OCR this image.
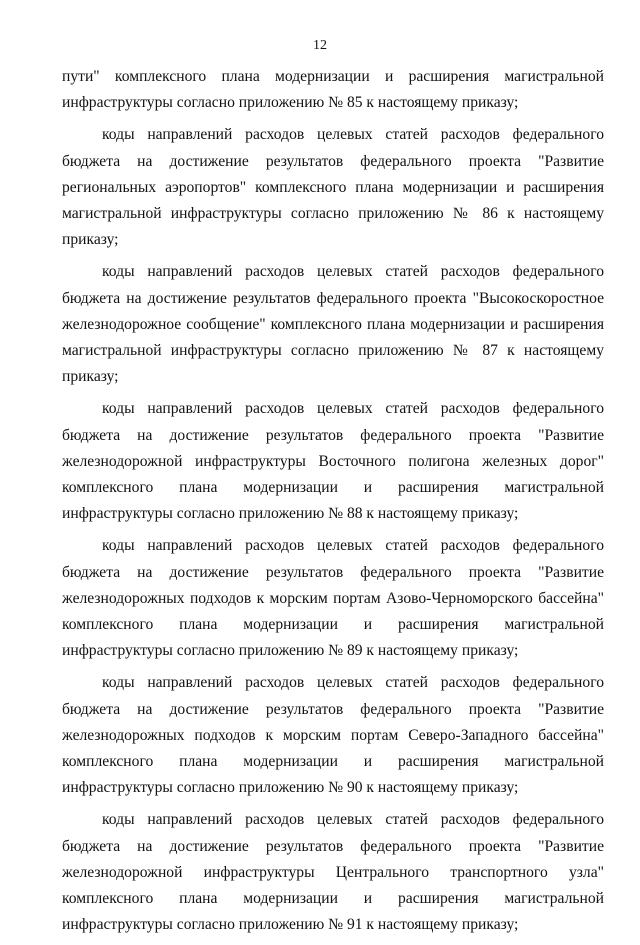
12

пути" комплексного плана модернизации и расширения магистральной инфраструктуры согласно приложению № 85 к настоящему приказу;

коды направлений расходов целевых статей расходов федерального бюджета на достижение результатов федерального проекта "Развитие региональных аэропортов" комплексного плана модернизации и расширения магистральной инфраструктуры согласно приложению № 86 к настоящему приказу;

коды направлений расходов целевых статей расходов федерального бюджета на достижение результатов федерального проекта "Высокоскоростное железнодорожное сообщение" комплексного плана модернизации и расширения магистральной инфраструктуры согласно приложению № 87 к настоящему приказу;

коды направлений расходов целевых статей расходов федерального бюджета на достижение результатов федерального проекта "Развитие железнодорожной инфраструктуры Восточного полигона железных дорог" комплексного плана модернизации и расширения магистральной инфраструктуры согласно приложению № 88 к настоящему приказу;

коды направлений расходов целевых статей расходов федерального бюджета на достижение результатов федерального проекта "Развитие железнодорожных подходов к морским портам Азово-Черноморского бассейна" комплексного плана модернизации и расширения магистральной инфраструктуры согласно приложению № 89 к настоящему приказу;

коды направлений расходов целевых статей расходов федерального бюджета на достижение результатов федерального проекта "Развитие железнодорожных подходов к морским портам Северо-Западного бассейна" комплексного плана модернизации и расширения магистральной инфраструктуры согласно приложению № 90 к настоящему приказу;

коды направлений расходов целевых статей расходов федерального бюджета на достижение результатов федерального проекта "Развитие железнодорожной инфраструктуры Центрального транспортного узла" комплексного плана модернизации и расширения магистральной инфраструктуры согласно приложению № 91 к настоящему приказу;
